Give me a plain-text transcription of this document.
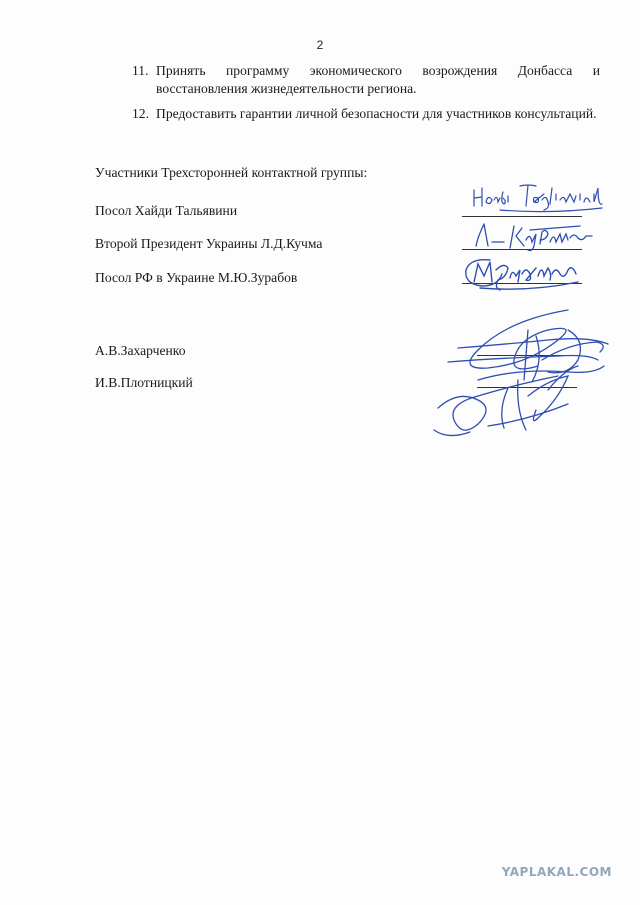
2
11. Принять программу экономического возрождения Донбасса и восстановления жизнедеятельности региона.
12. Предоставить гарантии личной безопасности для участников консультаций.
Участники Трехсторонней контактной группы:
Посол Хайди Тальявини
Второй Президент Украины Л.Д.Кучма
Посол РФ в Украине М.Ю.Зурабов
А.В.Захарченко
И.В.Плотницкий
YAPLAKAL.COM
